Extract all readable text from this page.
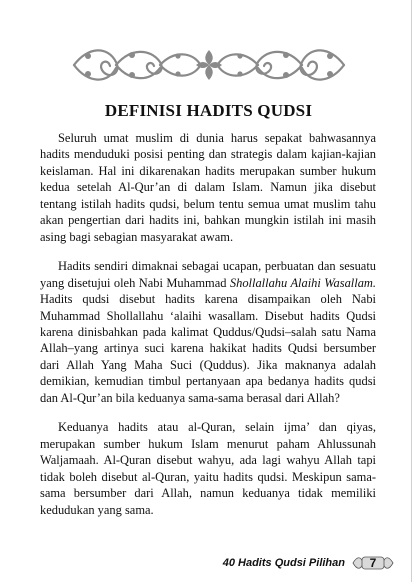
DEFINISI HADITS QUDSI

Seluruh umat muslim di dunia harus sepakat bahwasannya hadits menduduki posisi penting dan strategis dalam kajian-kajian keislaman. Hal ini dikarenakan hadits merupakan sumber hukum kedua setelah Al-Qur’an di dalam Islam. Namun jika disebut tentang istilah hadits qudsi, belum tentu semua umat muslim tahu akan pengertian dari hadits ini, bahkan mungkin istilah ini masih asing bagi sebagian masyarakat awam.

Hadits sendiri dimaknai sebagai ucapan, perbuatan dan sesuatu yang disetujui oleh Nabi Muhammad Shollallahu Alaihi Wasallam. Hadits qudsi disebut hadits karena disampaikan oleh Nabi Muhammad Shollallahu ‘alaihi wasallam. Disebut hadits Qudsi karena dinisbahkan pada kalimat Quddus/Qudsi–salah satu Nama Allah–yang artinya suci karena hakikat hadits Qudsi bersumber dari Allah Yang Maha Suci (Quddus). Jika maknanya adalah demikian, kemudian timbul pertanyaan apa bedanya hadits qudsi dan Al-Qur’an bila keduanya sama-sama berasal dari Allah?

Keduanya hadits atau al-Quran, selain ijma’ dan qiyas, merupakan sumber hukum Islam menurut paham Ahlussunah Waljamaah. Al-Quran disebut wahyu, ada lagi wahyu Allah tapi tidak boleh disebut al-Quran, yaitu hadits qudsi. Meskipun sama-sama bersumber dari Allah, namun keduanya tidak memiliki kedudukan yang sama.

40 Hadits Qudsi Pilihan	7
